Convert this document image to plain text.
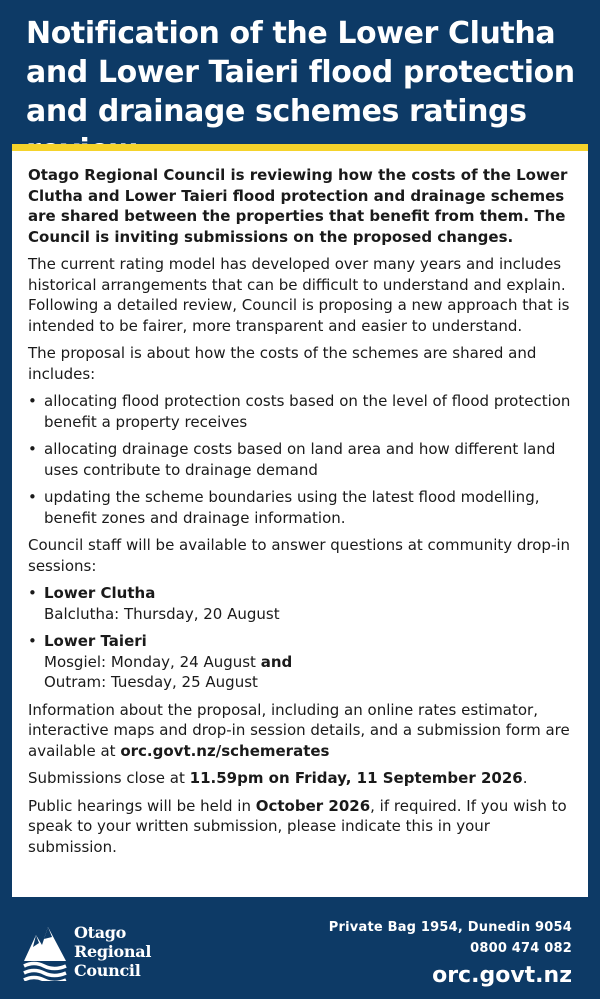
Notification of the Lower Clutha and Lower Taieri flood protection and drainage schemes ratings

Otago Regional Council is reviewing how the costs of the Lower Clutha and Lower Taieri flood protection and drainage schemes are shared between the properties that benefit from them. The Council is inviting submissions on the proposed changes.

The current rating model has developed over many years and includes historical arrangements that can be difficult to understand and explain. Following a detailed review, Council is proposing a new approach that is intended to be fairer, more transparent and easier to understand.

The proposal is about how the costs of the schemes are shared and includes:

• allocating flood protection costs based on the level of flood protection benefit a property receives
• allocating drainage costs based on land area and how different land uses contribute to drainage demand
• updating the scheme boundaries using the latest flood modelling, benefit zones and drainage information.

Council staff will be available to answer questions at community drop-in sessions:

• Lower Clutha
Balclutha: Thursday, 20 August
• Lower Taieri
Mosgiel: Monday, 24 August and
Outram: Tuesday, 25 August

Information about the proposal, including an online rates estimator, interactive maps and drop-in session details, and a submission form are available at orc.govt.nz/schemerates

Submissions close at 11.59pm on Friday, 11 September 2026.

Public hearings will be held in October 2026, if required. If you wish to speak to your written submission, please indicate this in your submission.

Otago
Regional
Council
Private Bag 1954, Dunedin 9054
0800 474 082
orc.govt.nz
